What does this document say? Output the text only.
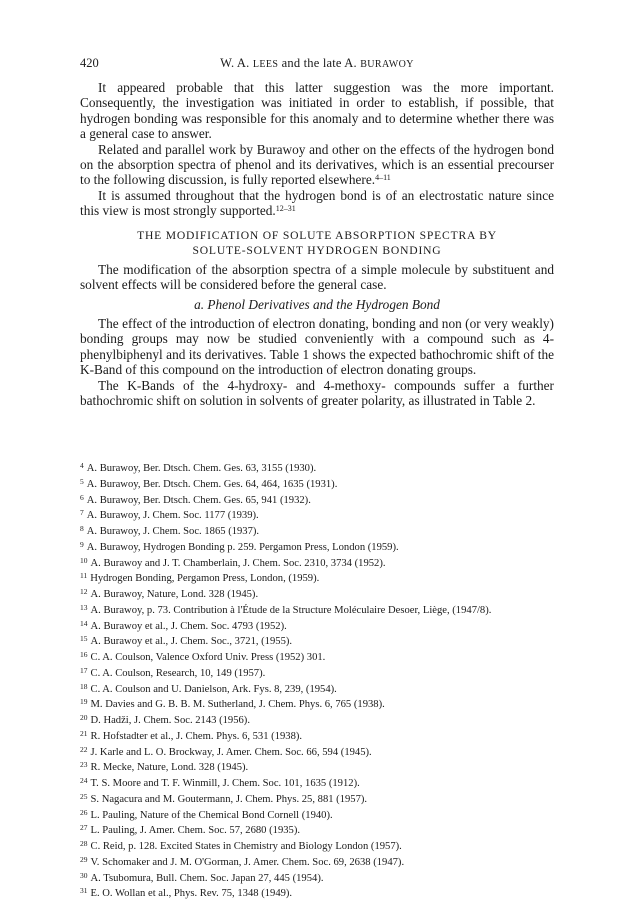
420	W. A. LEES and the late A. BURAWOY

It appeared probable that this latter suggestion was the more important. Consequently, the investigation was initiated in order to establish, if possible, that hydrogen bonding was responsible for this anomaly and to determine whether there was a general case to answer.

Related and parallel work by Burawoy and other on the effects of the hydrogen bond on the absorption spectra of phenol and its derivatives, which is an essential precourser to the following discussion, is fully reported elsewhere.$^{4-11}$

It is assumed throughout that the hydrogen bond is of an electrostatic nature since this view is most strongly supported.$^{12-31}$

THE MODIFICATION OF SOLUTE ABSORPTION SPECTRA BY
SOLUTE-SOLVENT HYDROGEN BONDING

The modification of the absorption spectra of a simple molecule by substituent and solvent effects will be considered before the general case.

a. Phenol Derivatives and the Hydrogen Bond

The effect of the introduction of electron donating, bonding and non (or very weakly) bonding groups may now be studied conveniently with a compound such as 4-phenylbiphenyl and its derivatives. Table 1 shows the expected bathochromic shift of the K-Band of this compound on the introduction of electron donating groups.

The K-Bands of the 4-hydroxy- and 4-methoxy- compounds suffer a further bathochromic shift on solution in solvents of greater polarity, as illustrated in Table 2.

$^4$ A. Burawoy, Ber. Dtsch. Chem. Ges. 63, 3155 (1930).
$^5$ A. Burawoy, Ber. Dtsch. Chem. Ges. 64, 464, 1635 (1931).
$^6$ A. Burawoy, Ber. Dtsch. Chem. Ges. 65, 941 (1932).
$^7$ A. Burawoy, J. Chem. Soc. 1177 (1939).
$^8$ A. Burawoy, J. Chem. Soc. 1865 (1937).
$^9$ A. Burawoy, Hydrogen Bonding p. 259. Pergamon Press, London (1959).
$^{10}$ A. Burawoy and J. T. Chamberlain, J. Chem. Soc. 2310, 3734 (1952).
$^{11}$ Hydrogen Bonding, Pergamon Press, London, (1959).
$^{12}$ A. Burawoy, Nature, Lond. 328 (1945).
$^{13}$ A. Burawoy, p. 73. Contribution à l'Étude de la Structure Moléculaire Desoer, Liège, (1947/8).
$^{14}$ A. Burawoy et al., J. Chem. Soc. 4793 (1952).
$^{15}$ A. Burawoy et al., J. Chem. Soc., 3721, (1955).
$^{16}$ C. A. Coulson, Valence Oxford Univ. Press (1952) 301.
$^{17}$ C. A. Coulson, Research, 10, 149 (1957).
$^{18}$ C. A. Coulson and U. Danielson, Ark. Fys. 8, 239, (1954).
$^{19}$ M. Davies and G. B. B. M. Sutherland, J. Chem. Phys. 6, 765 (1938).
$^{20}$ D. Hadži, J. Chem. Soc. 2143 (1956).
$^{21}$ R. Hofstadter et al., J. Chem. Phys. 6, 531 (1938).
$^{22}$ J. Karle and L. O. Brockway, J. Amer. Chem. Soc. 66, 594 (1945).
$^{23}$ R. Mecke, Nature, Lond. 328 (1945).
$^{24}$ T. S. Moore and T. F. Winmill, J. Chem. Soc. 101, 1635 (1912).
$^{25}$ S. Nagacura and M. Goutermann, J. Chem. Phys. 25, 881 (1957).
$^{26}$ L. Pauling, Nature of the Chemical Bond Cornell (1940).
$^{27}$ L. Pauling, J. Amer. Chem. Soc. 57, 2680 (1935).
$^{28}$ C. Reid, p. 128. Excited States in Chemistry and Biology London (1957).
$^{29}$ V. Schomaker and J. M. O'Gorman, J. Amer. Chem. Soc. 69, 2638 (1947).
$^{30}$ A. Tsubomura, Bull. Chem. Soc. Japan 27, 445 (1954).
$^{31}$ E. O. Wollan et al., Phys. Rev. 75, 1348 (1949).
